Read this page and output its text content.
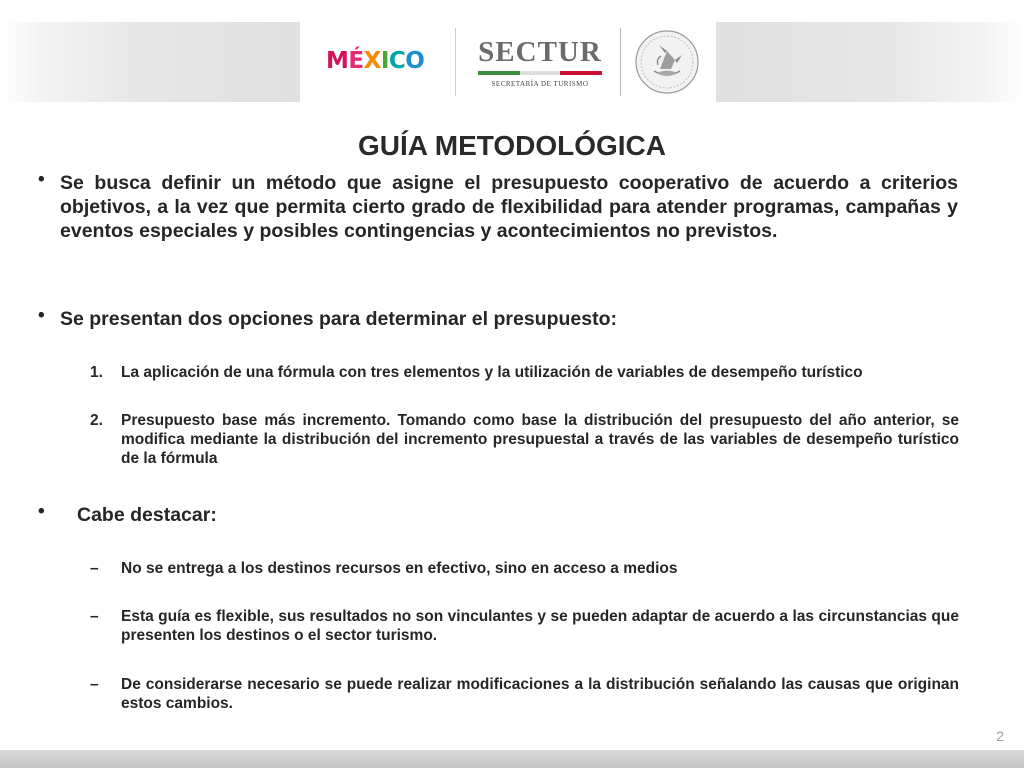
MÉXICO SECTUR
SECRETARÍA DE TURISMO
GUÍA METODOLÓGICA
• Se busca definir un método que asigne el presupuesto cooperativo de acuerdo a criterios objetivos, a la vez que permita cierto grado de flexibilidad para atender programas, campañas y eventos especiales y posibles contingencias y acontecimientos no previstos.
• Se presentan dos opciones para determinar el presupuesto:
1. La aplicación de una fórmula con tres elementos y la utilización de variables de desempeño turístico
2. Presupuesto base más incremento. Tomando como base la distribución del presupuesto del año anterior, se modifica mediante la distribución del incremento presupuestal a través de las variables de desempeño turístico de la fórmula
• Cabe destacar:
– No se entrega a los destinos recursos en efectivo, sino en acceso a medios
– Esta guía es flexible, sus resultados no son vinculantes y se pueden adaptar de acuerdo a las circunstancias que presenten los destinos o el sector turismo.
– De considerarse necesario se puede realizar modificaciones a la distribución señalando las causas que originan estos cambios.
2
